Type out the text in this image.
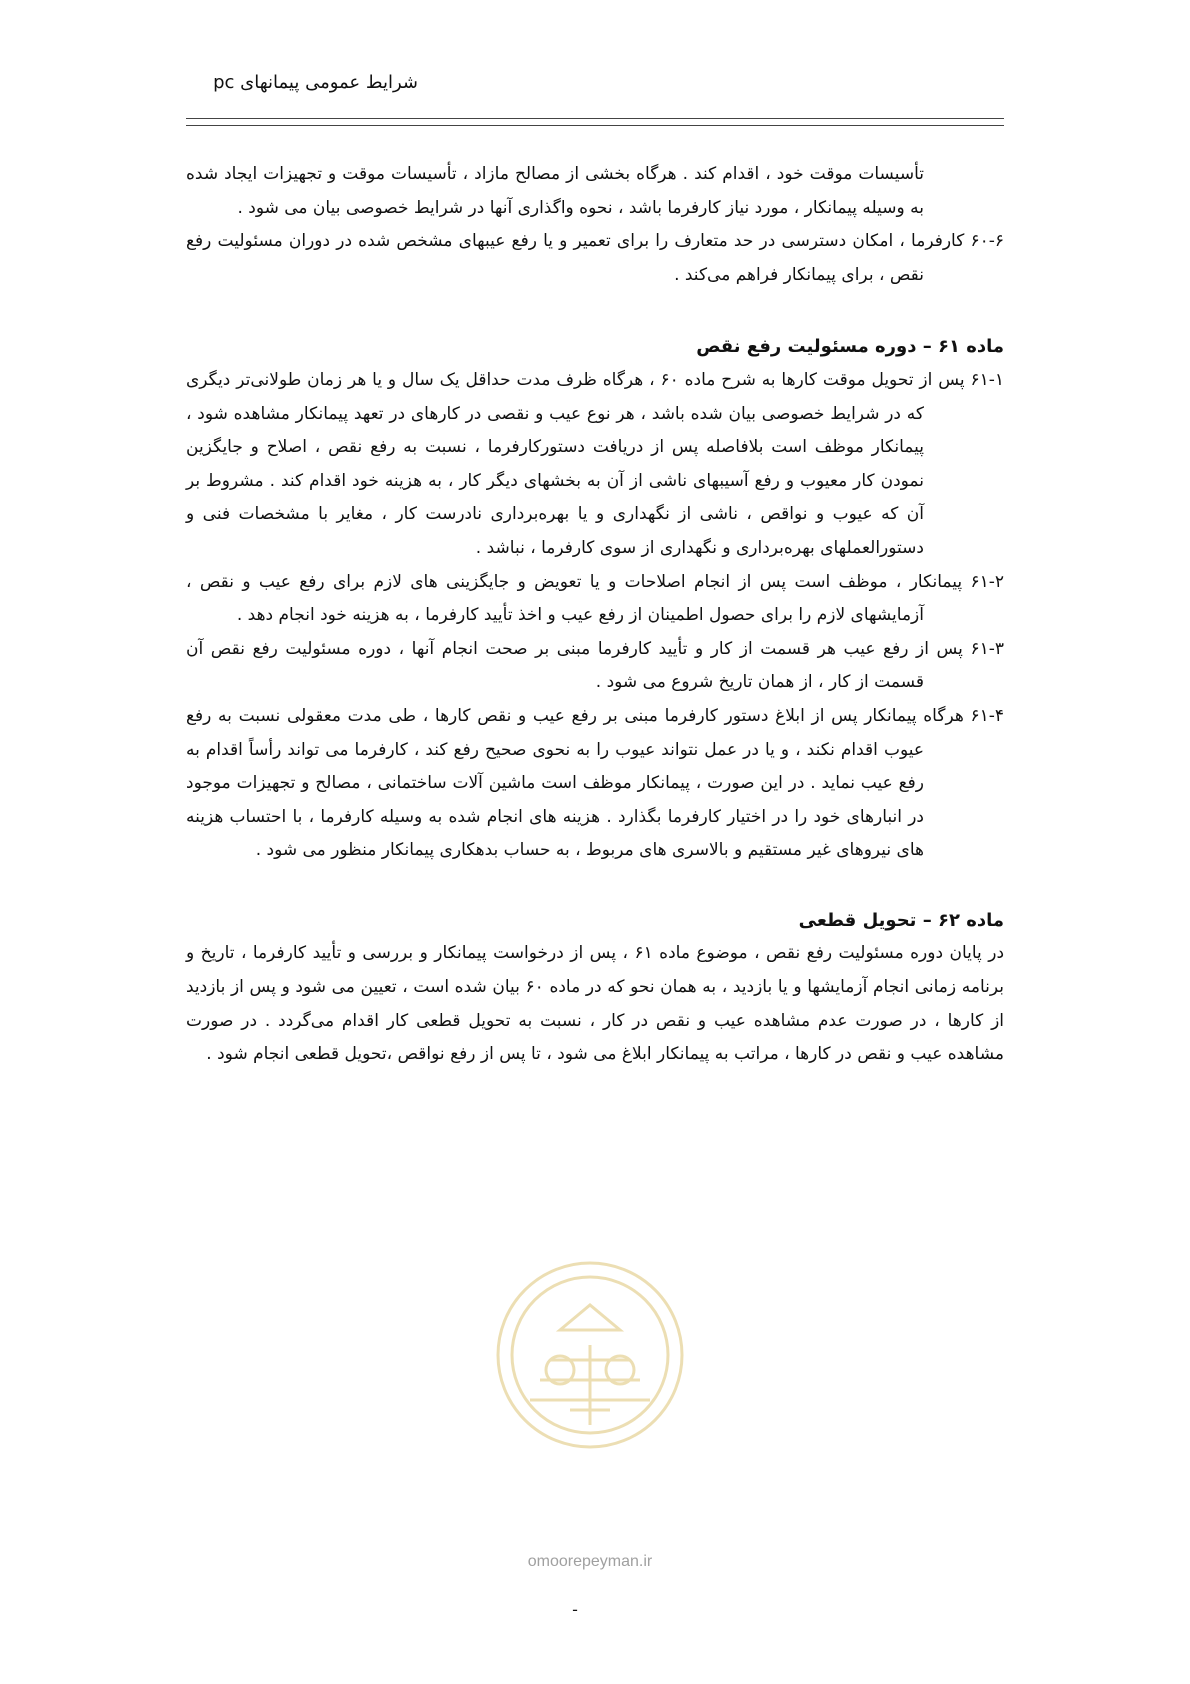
شرایط عمومی پیمانهای pc

تأسیسات موقت خود ، اقدام کند . هرگاه بخشی از مصالح مازاد ، تأسیسات موقت و تجهیزات ایجاد شده به وسیله پیمانکار ، مورد نیاز کارفرما باشد ، نحوه واگذاری آنها در شرایط خصوصی بیان می شود .

۶۰-۶ کارفرما ، امکان دسترسی در حد متعارف را برای تعمیر و یا رفع عیبهای مشخص شده در دوران مسئولیت رفع نقص ، برای پیمانکار فراهم می‌کند .

ماده ۶۱ – دوره مسئولیت رفع نقص

۶۱-۱ پس از تحویل موقت کارها به شرح ماده ۶۰ ، هرگاه ظرف مدت حداقل یک سال و یا هر زمان طولانی‌تر دیگری که در شرایط خصوصی بیان شده باشد ، هر نوع عیب و نقصی در کارهای در تعهد پیمانکار مشاهده شود ، پیمانکار موظف است بلافاصله پس از دریافت دستورکارفرما ، نسبت به رفع نقص ، اصلاح و جایگزین نمودن کار معیوب و رفع آسیبهای ناشی از آن به بخشهای دیگر کار ، به هزینه خود اقدام کند . مشروط بر آن که عیوب و نواقص ، ناشی از نگهداری و یا بهره‌برداری نادرست کار ، مغایر با مشخصات فنی و دستورالعملهای بهره‌برداری و نگهداری از سوی کارفرما ، نباشد .

۶۱-۲ پیمانکار ، موظف است پس از انجام اصلاحات و یا تعویض و جایگزینی های لازم برای رفع عیب و نقص ، آزمایشهای لازم را برای حصول اطمینان از رفع عیب و اخذ تأیید کارفرما ، به هزینه خود انجام دهد .

۶۱-۳ پس از رفع عیب هر قسمت از کار و تأیید کارفرما مبنی بر صحت انجام آنها ، دوره مسئولیت رفع نقص آن قسمت از کار ، از همان تاریخ شروع می شود .

۶۱-۴ هرگاه پیمانکار پس از ابلاغ دستور کارفرما مبنی بر رفع عیب و نقص کارها ، طی مدت معقولی نسبت به رفع عیوب اقدام نکند ، و یا در عمل نتواند عیوب را به نحوی صحیح رفع کند ، کارفرما می تواند رأساً اقدام به رفع عیب نماید . در این صورت ، پیمانکار موظف است ماشین آلات ساختمانی ، مصالح و تجهیزات موجود در انبارهای خود را در اختیار کارفرما بگذارد . هزینه های انجام شده به وسیله کارفرما ، با احتساب هزینه های نیروهای غیر مستقیم و بالاسری های مربوط ، به حساب بدهکاری پیمانکار منظور می شود .

ماده ۶۲ – تحویل قطعی

در پایان دوره مسئولیت رفع نقص ، موضوع ماده ۶۱ ، پس از درخواست پیمانکار و بررسی و تأیید کارفرما ، تاریخ و برنامه زمانی انجام آزمایشها و یا بازدید ، به همان نحو که در ماده ۶۰ بیان شده است ، تعیین می شود و پس از بازدید از کارها ، در صورت عدم مشاهده عیب و نقص در کار ، نسبت به تحویل قطعی کار اقدام می‌گردد . در صورت مشاهده عیب و نقص در کارها ، مراتب به پیمانکار ابلاغ می شود ، تا پس از رفع نواقص ،تحویل قطعی انجام شود .

omoorepeyman.ir
-
